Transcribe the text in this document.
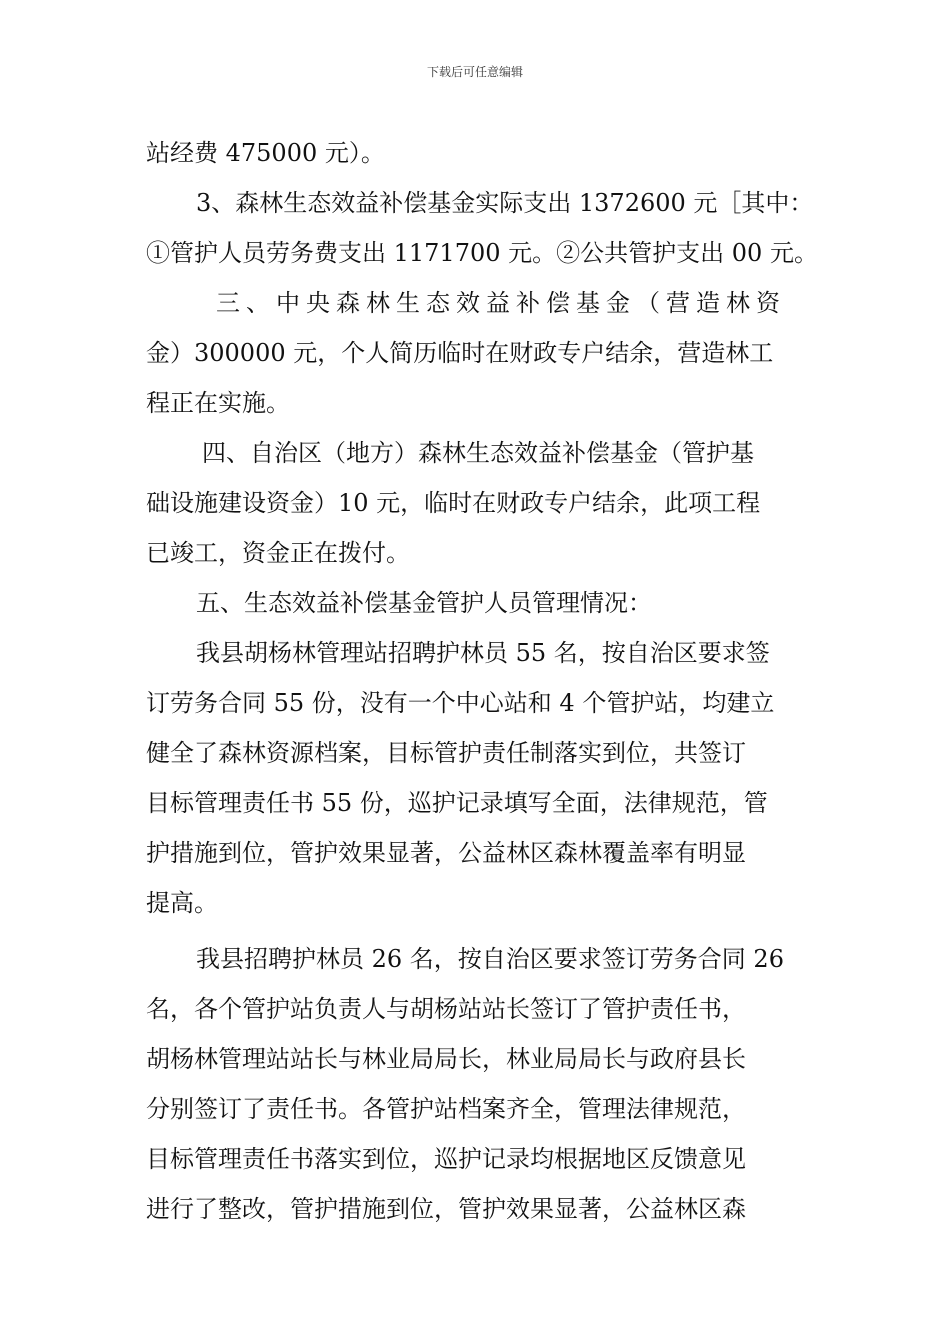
下载后可任意编辑
站经费 475000 元）。
3、森林生态效益补偿基金实际支出 1372600 元［其中：
①管护人员劳务费支出 1171700 元。②公共管护支出 00 元。
三、中央森林生态效益补偿基金（营造林资
金）300000 元，个人简历临时在财政专户结余，营造林工
程正在实施。
四、自治区（地方）森林生态效益补偿基金（管护基
础设施建设资金）10 元，临时在财政专户结余，此项工程
已竣工，资金正在拨付。
五、生态效益补偿基金管护人员管理情况：
我县胡杨林管理站招聘护林员 55 名，按自治区要求签
订劳务合同 55 份，没有一个中心站和 4 个管护站，均建立
健全了森林资源档案，目标管护责任制落实到位，共签订
目标管理责任书 55 份，巡护记录填写全面，法律规范，管
护措施到位，管护效果显著，公益林区森林覆盖率有明显
提高。
我县招聘护林员 26 名，按自治区要求签订劳务合同 26
名，各个管护站负责人与胡杨站站长签订了管护责任书，
胡杨林管理站站长与林业局局长，林业局局长与政府县长
分别签订了责任书。各管护站档案齐全，管理法律规范，
目标管理责任书落实到位，巡护记录均根据地区反馈意见
进行了整改，管护措施到位，管护效果显著，公益林区森
